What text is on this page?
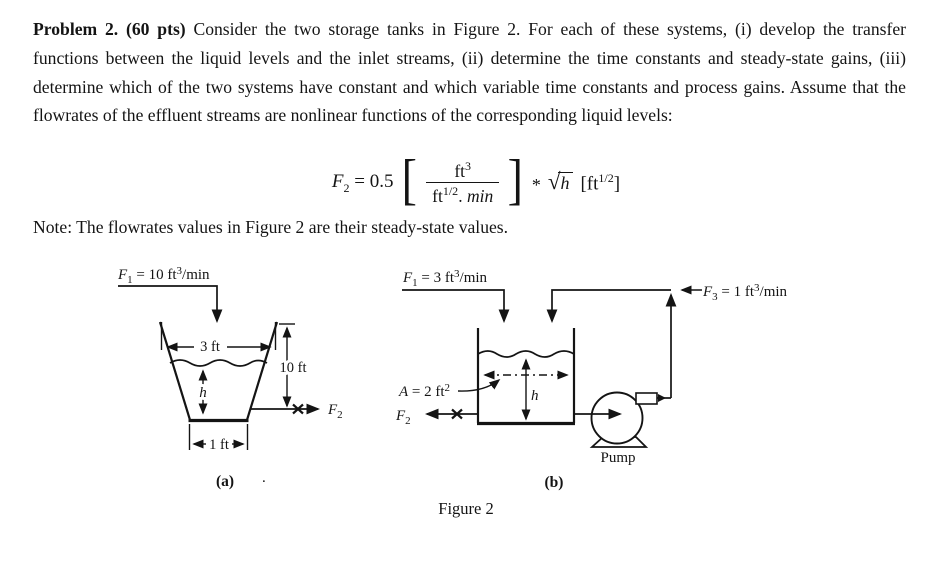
Problem 2. (60 pts) Consider the two storage tanks in Figure 2. For each of these systems, (i) develop the transfer functions between the liquid levels and the inlet streams, (ii) determine the time constants and steady-state gains, (iii) determine which of the two systems have constant and which variable time constants and process gains. Assume that the flowrates of the effluent streams are nonlinear functions of the corresponding liquid levels:

$F_2 = 0.5$ [ $\frac{ft^3}{ft^{1/2}. \min}$ ] * √ h $[ft^{1/2}]$
Note: The flowrates values in Figure 2 are their steady-state values.
$F_1 = 10$ $ft^3/\min$
3 ft
h
10 ft
$F_2$
1 ft
(a) .
$F_1 = 3$ $ft^3/\min$
$F_3 = 1$ $ft^3/\min$
A = 2 $ft^2$	h
$F_2$
Pump
(b)
Figure 2
